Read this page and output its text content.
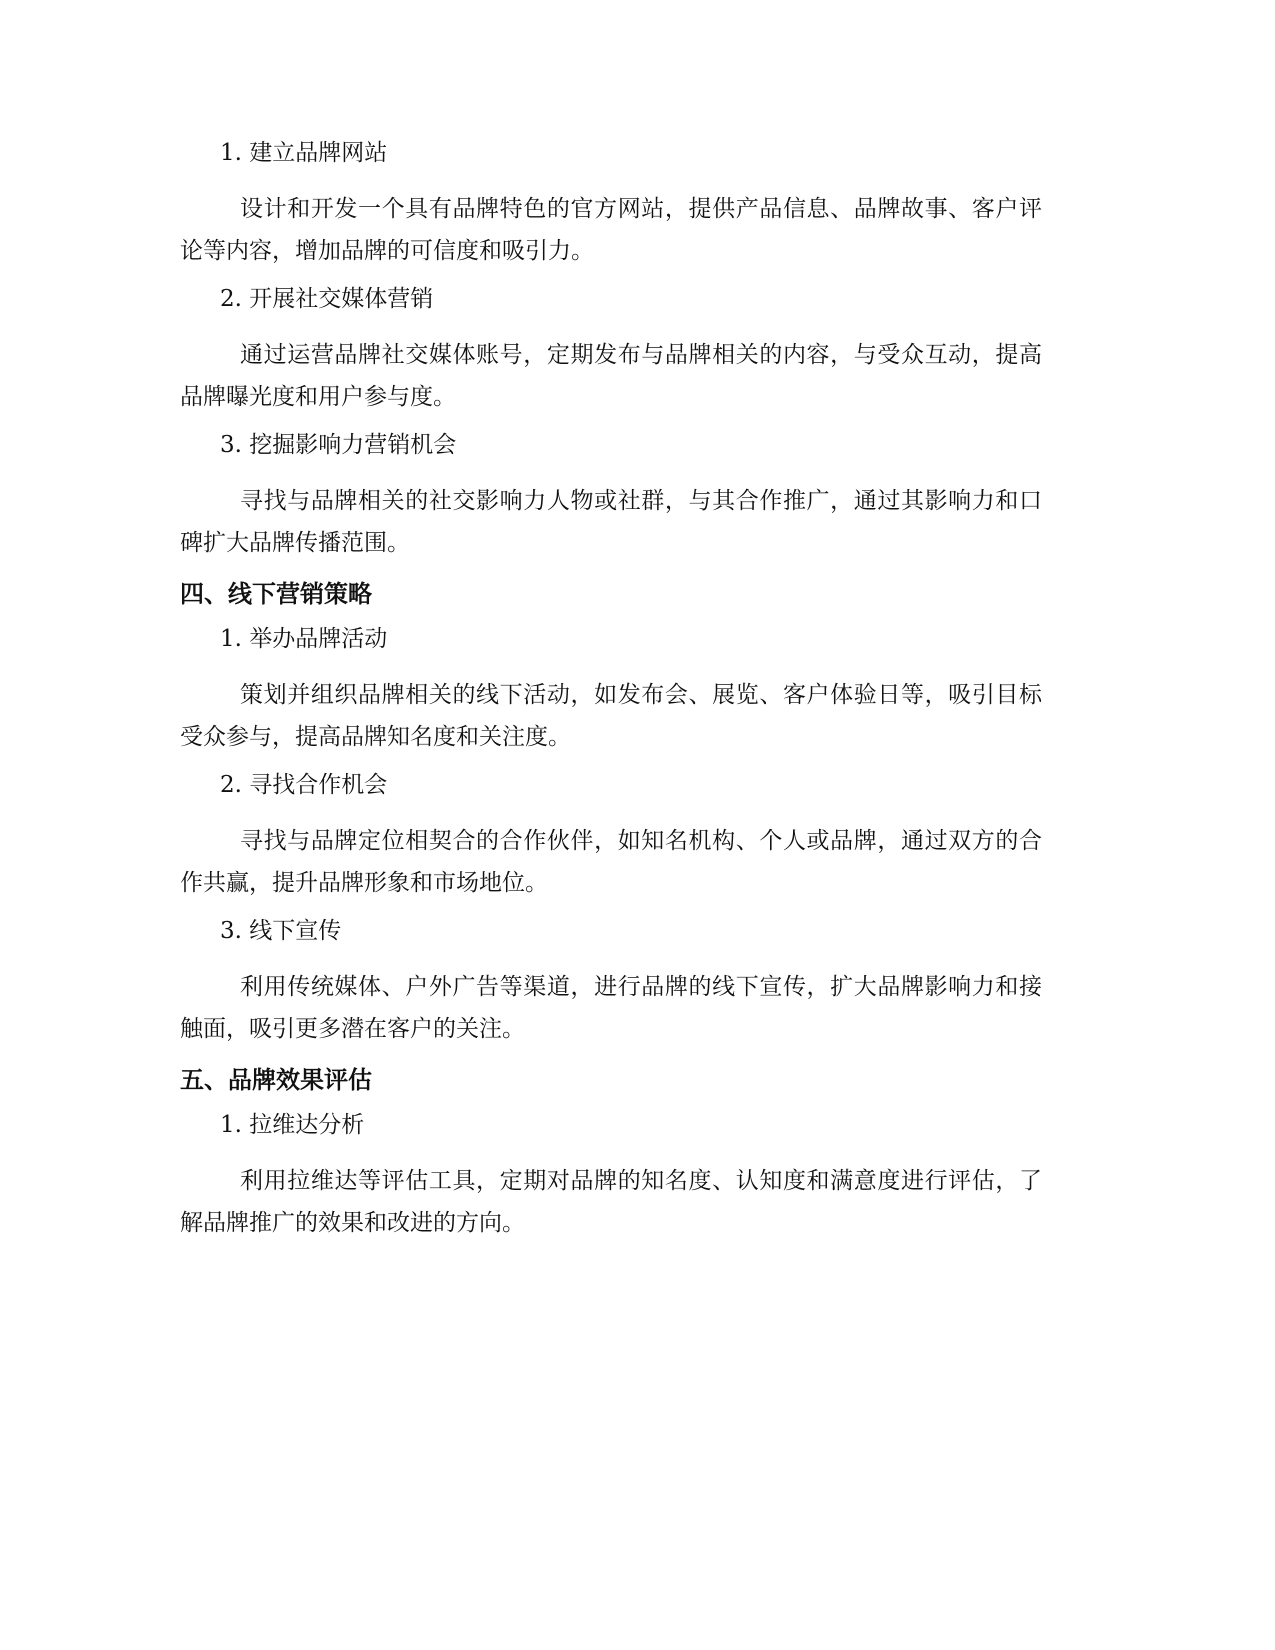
1. 建立品牌网站

设计和开发一个具有品牌特色的官方网站，提供产品信息、品牌故事、客户评论等内容，增加品牌的可信度和吸引力。

2. 开展社交媒体营销

通过运营品牌社交媒体账号，定期发布与品牌相关的内容，与受众互动，提高品牌曝光度和用户参与度。

3. 挖掘影响力营销机会

寻找与品牌相关的社交影响力人物或社群，与其合作推广，通过其影响力和口碑扩大品牌传播范围。

四、线下营销策略
1. 举办品牌活动

策划并组织品牌相关的线下活动，如发布会、展览、客户体验日等，吸引目标受众参与，提高品牌知名度和关注度。

2. 寻找合作机会

寻找与品牌定位相契合的合作伙伴，如知名机构、个人或品牌，通过双方的合作共赢，提升品牌形象和市场地位。

3. 线下宣传

利用传统媒体、户外广告等渠道，进行品牌的线下宣传，扩大品牌影响力和接触面，吸引更多潜在客户的关注。

五、品牌效果评估
1. 拉维达分析

利用拉维达等评估工具，定期对品牌的知名度、认知度和满意度进行评估，了解品牌推广的效果和改进的方向。
